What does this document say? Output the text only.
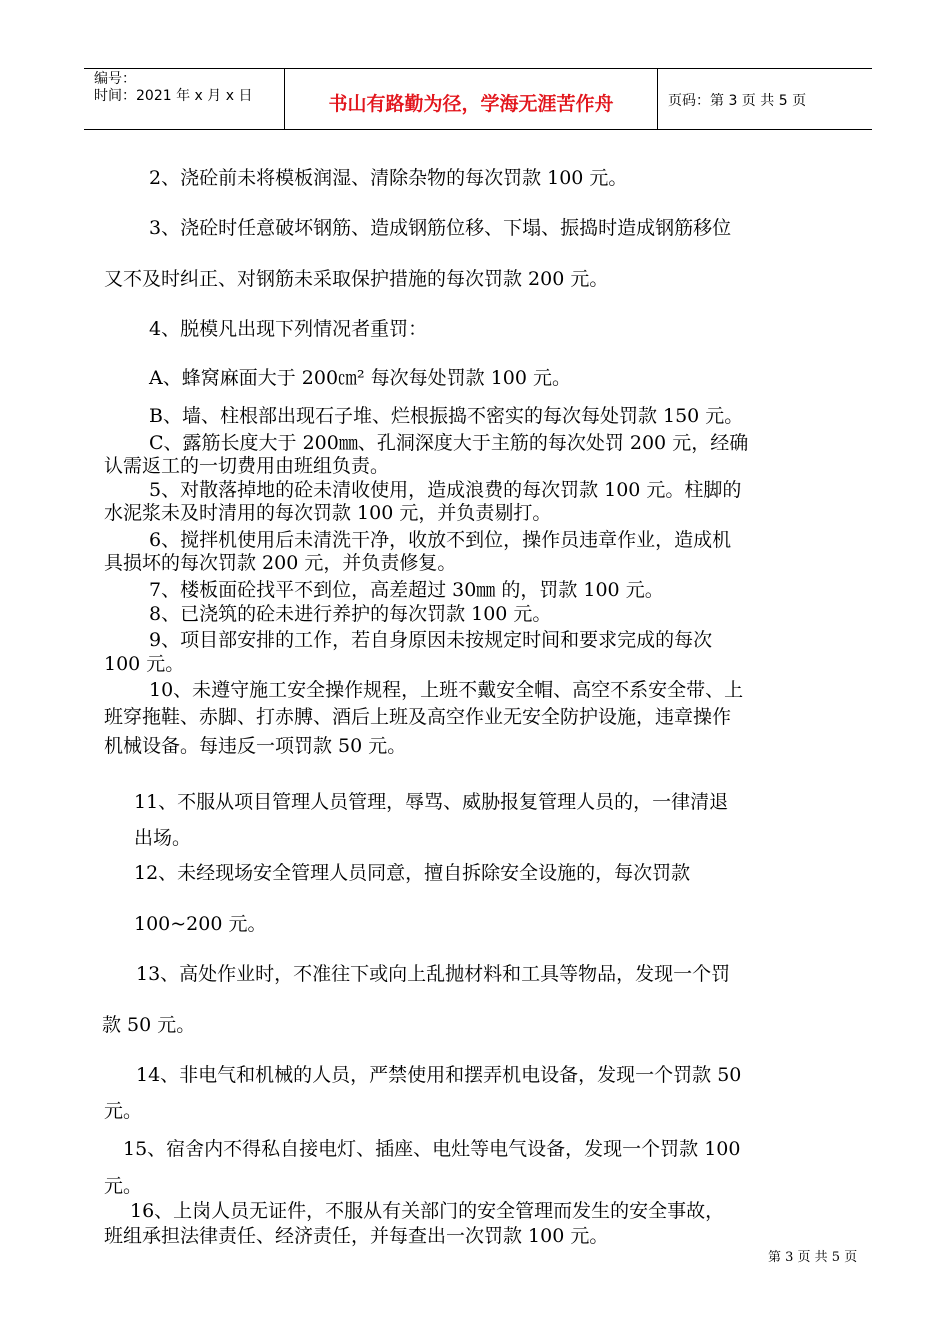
编号：
时间：2021 年 x 月 x 日	书山有路勤为径，学海无涯苦作舟	页码：第 3 页 共 5 页
2、浇砼前未将模板润湿、清除杂物的每次罚款 100 元。
3、浇砼时任意破坏钢筋、造成钢筋位移、下塌、振捣时造成钢筋移位
又不及时纠正、对钢筋未采取保护措施的每次罚款 200 元。
4、脱模凡出现下列情况者重罚：
A、蜂窝麻面大于 200㎝² 每次每处罚款 100 元。
B、墙、柱根部出现石子堆、烂根振捣不密实的每次每处罚款 150 元。
C、露筋长度大于 200㎜、孔洞深度大于主筋的每次处罚 200 元，经确
认需返工的一切费用由班组负责。
5、对散落掉地的砼未清收使用，造成浪费的每次罚款 100 元。柱脚的
水泥浆未及时清用的每次罚款 100 元，并负责剔打。
6、搅拌机使用后未清洗干净，收放不到位，操作员违章作业，造成机
具损坏的每次罚款 200 元，并负责修复。
7、楼板面砼找平不到位，高差超过 30㎜ 的，罚款 100 元。
8、已浇筑的砼未进行养护的每次罚款 100 元。
9、项目部安排的工作，若自身原因未按规定时间和要求完成的每次
100 元。
10、未遵守施工安全操作规程，上班不戴安全帽、高空不系安全带、上
班穿拖鞋、赤脚、打赤膊、酒后上班及高空作业无安全防护设施，违章操作
机械设备。每违反一项罚款 50 元。
11、不服从项目管理人员管理，辱骂、威胁报复管理人员的，一律清退
出场。
12、未经现场安全管理人员同意，擅自拆除安全设施的，每次罚款
100~200 元。
13、高处作业时，不准往下或向上乱抛材料和工具等物品，发现一个罚
款 50 元。
14、非电气和机械的人员，严禁使用和摆弄机电设备，发现一个罚款 50
元。
15、宿舍内不得私自接电灯、插座、电灶等电气设备，发现一个罚款 100
元。
16、上岗人员无证件，不服从有关部门的安全管理而发生的安全事故，
班组承担法律责任、经济责任，并每查出一次罚款 100 元。
第 3 页 共 5 页
